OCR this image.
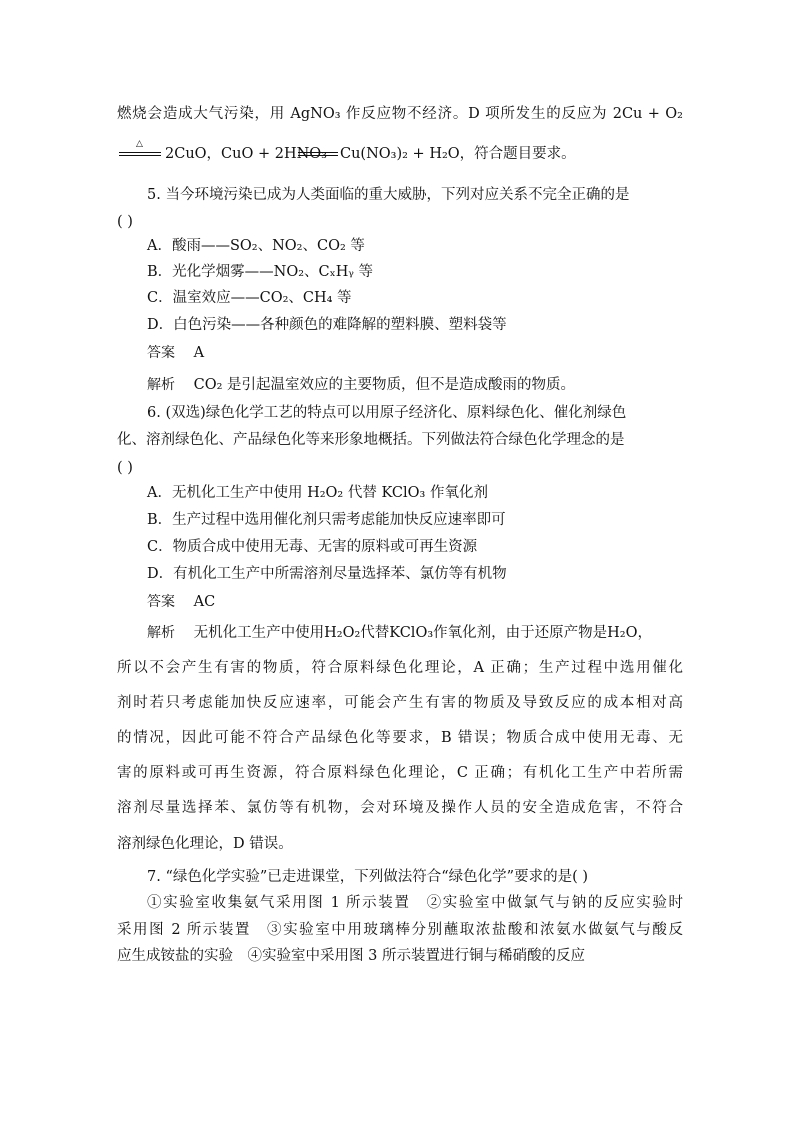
燃烧会造成大气污染，用 AgNO₃ 作反应物不经济。D 项所发生的反应为 2Cu + O₂
△
2CuO，CuO + 2HNO₃ Cu(NO₃)₂ + H₂O，符合题目要求。
5. 当今环境污染已成为人类面临的重大威胁，下列对应关系不完全正确的是
( )
A．酸雨——SO₂、NO₂、CO₂ 等
B．光化学烟雾——NO₂、CₓHᵧ 等
C．温室效应——CO₂、CH₄ 等
D．白色污染——各种颜色的难降解的塑料膜、塑料袋等
答案 A
解析 CO₂ 是引起温室效应的主要物质，但不是造成酸雨的物质。
6. (双选)绿色化学工艺的特点可以用原子经济化、原料绿色化、催化剂绿色
化、溶剂绿色化、产品绿色化等来形象地概括。下列做法符合绿色化学理念的是
( )
A．无机化工生产中使用 H₂O₂ 代替 KClO₃ 作氧化剂
B．生产过程中选用催化剂只需考虑能加快反应速率即可
C．物质合成中使用无毒、无害的原料或可再生资源
D．有机化工生产中所需溶剂尽量选择苯、氯仿等有机物
答案 AC
解析 无机化工生产中使用H₂O₂代替KClO₃作氧化剂，由于还原产物是H₂O，
所以不会产生有害的物质，符合原料绿色化理论，A 正确；生产过程中选用催化
剂时若只考虑能加快反应速率，可能会产生有害的物质及导致反应的成本相对高
的情况，因此可能不符合产品绿色化等要求，B 错误；物质合成中使用无毒、无
害的原料或可再生资源，符合原料绿色化理论，C 正确；有机化工生产中若所需
溶剂尽量选择苯、氯仿等有机物，会对环境及操作人员的安全造成危害，不符合
溶剂绿色化理论，D 错误。
7. “绿色化学实验”已走进课堂，下列做法符合“绿色化学”要求的是( )
①实验室收集氨气采用图 1 所示装置　②实验室中做氯气与钠的反应实验时
采用图 2 所示装置　③实验室中用玻璃棒分别蘸取浓盐酸和浓氨水做氨气与酸反
应生成铵盐的实验　④实验室中采用图 3 所示装置进行铜与稀硝酸的反应
